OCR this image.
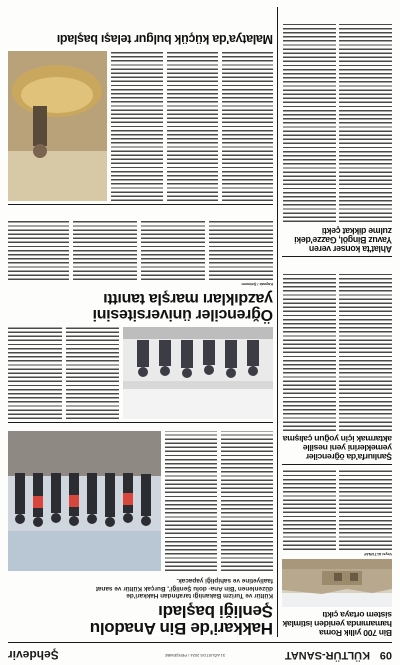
09
KÜLTÜR-SANAT
31 AĞUSTOS 2024 / PERŞEMBE
Şehdevir
Bin 700 yıllık Roma
hamamında yeniden istimlak
sistem ortaya çıktı
Veysi ALTUNAY
Şanlıurfa'da öğrenciler
yemeklerini yeni nesille
aktarmak için yoğun çalışma
Ahlat'ta konser veren
Yavuz Bingöl, Gazze'deki
zulme dikkat çekti
Hakkari'de Bin Anadolu
Şenliği başladı
Kültür ve Turizm Bakanlığı tarafından Hakkari'de düzenlenen 'Bin Ana- dolu Şenliği', Burçak Kültür ve sanat faaliyetine ve sahipliği yapacak.
Öğrenciler üniversitesini
yazdıkları marşla tanıttı
Kaynak / Şebnem
Malatya'da küçük bulgur telaşı başladı
